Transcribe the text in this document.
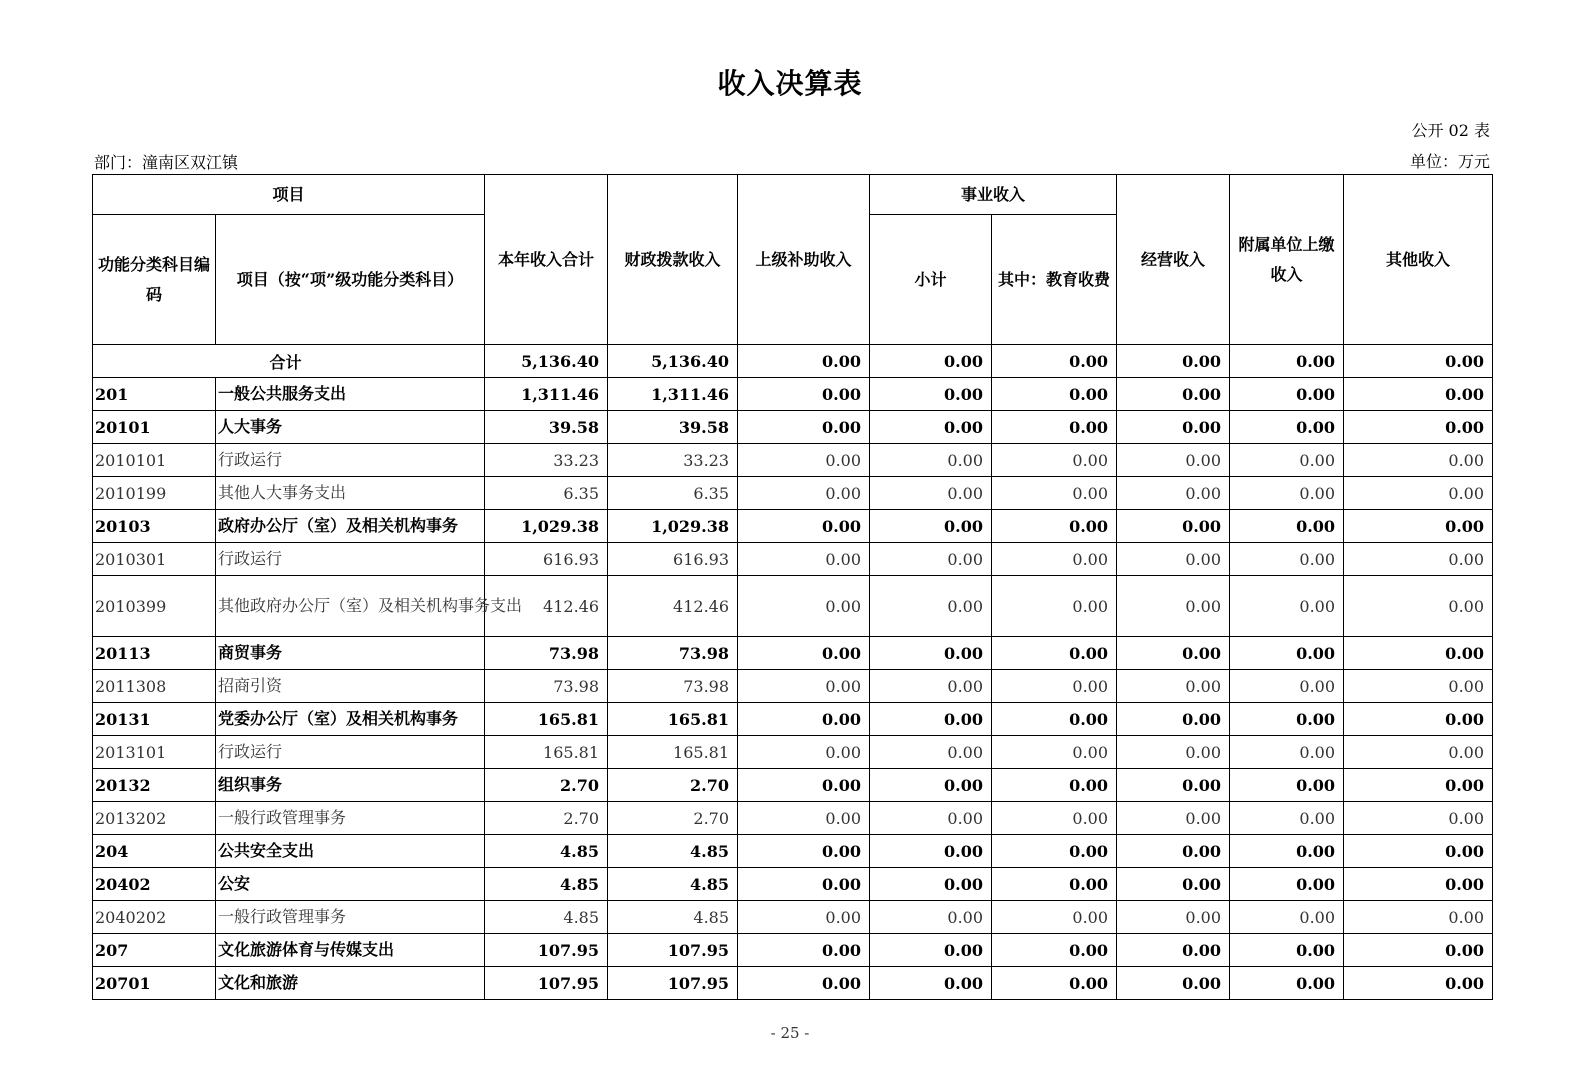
收入决算表
公开 02 表
部门：潼南区双江镇	单位：万元
项目		本年收入合计	财政拨款收入	上级补助收入	事业收入		经营收入	附属单位上缴收入	其他收入
功能分类科目编码	项目（按“项”级功能分类科目）				小计	其中：教育收费			
合计		5,136.40	5,136.40	0.00	0.00	0.00	0.00	0.00	0.00
201	一般公共服务支出	1,311.46	1,311.46	0.00	0.00	0.00	0.00	0.00	0.00
20101	人大事务	39.58	39.58	0.00	0.00	0.00	0.00	0.00	0.00
2010101	行政运行	33.23	33.23	0.00	0.00	0.00	0.00	0.00	0.00
2010199	其他人大事务支出	6.35	6.35	0.00	0.00	0.00	0.00	0.00	0.00
20103	政府办公厅（室）及相关机构事务	1,029.38	1,029.38	0.00	0.00	0.00	0.00	0.00	0.00
2010301	行政运行	616.93	616.93	0.00	0.00	0.00	0.00	0.00	0.00
2010399	其他政府办公厅（室）及相关机构事务支出	412.46	412.46	0.00	0.00	0.00	0.00	0.00	0.00
20113	商贸事务	73.98	73.98	0.00	0.00	0.00	0.00	0.00	0.00
2011308	招商引资	73.98	73.98	0.00	0.00	0.00	0.00	0.00	0.00
20131	党委办公厅（室）及相关机构事务	165.81	165.81	0.00	0.00	0.00	0.00	0.00	0.00
2013101	行政运行	165.81	165.81	0.00	0.00	0.00	0.00	0.00	0.00
20132	组织事务	2.70	2.70	0.00	0.00	0.00	0.00	0.00	0.00
2013202	一般行政管理事务	2.70	2.70	0.00	0.00	0.00	0.00	0.00	0.00
204	公共安全支出	4.85	4.85	0.00	0.00	0.00	0.00	0.00	0.00
20402	公安	4.85	4.85	0.00	0.00	0.00	0.00	0.00	0.00
2040202	一般行政管理事务	4.85	4.85	0.00	0.00	0.00	0.00	0.00	0.00
207	文化旅游体育与传媒支出	107.95	107.95	0.00	0.00	0.00	0.00	0.00	0.00
20701	文化和旅游	107.95	107.95	0.00	0.00	0.00	0.00	0.00	0.00
- 25 -
